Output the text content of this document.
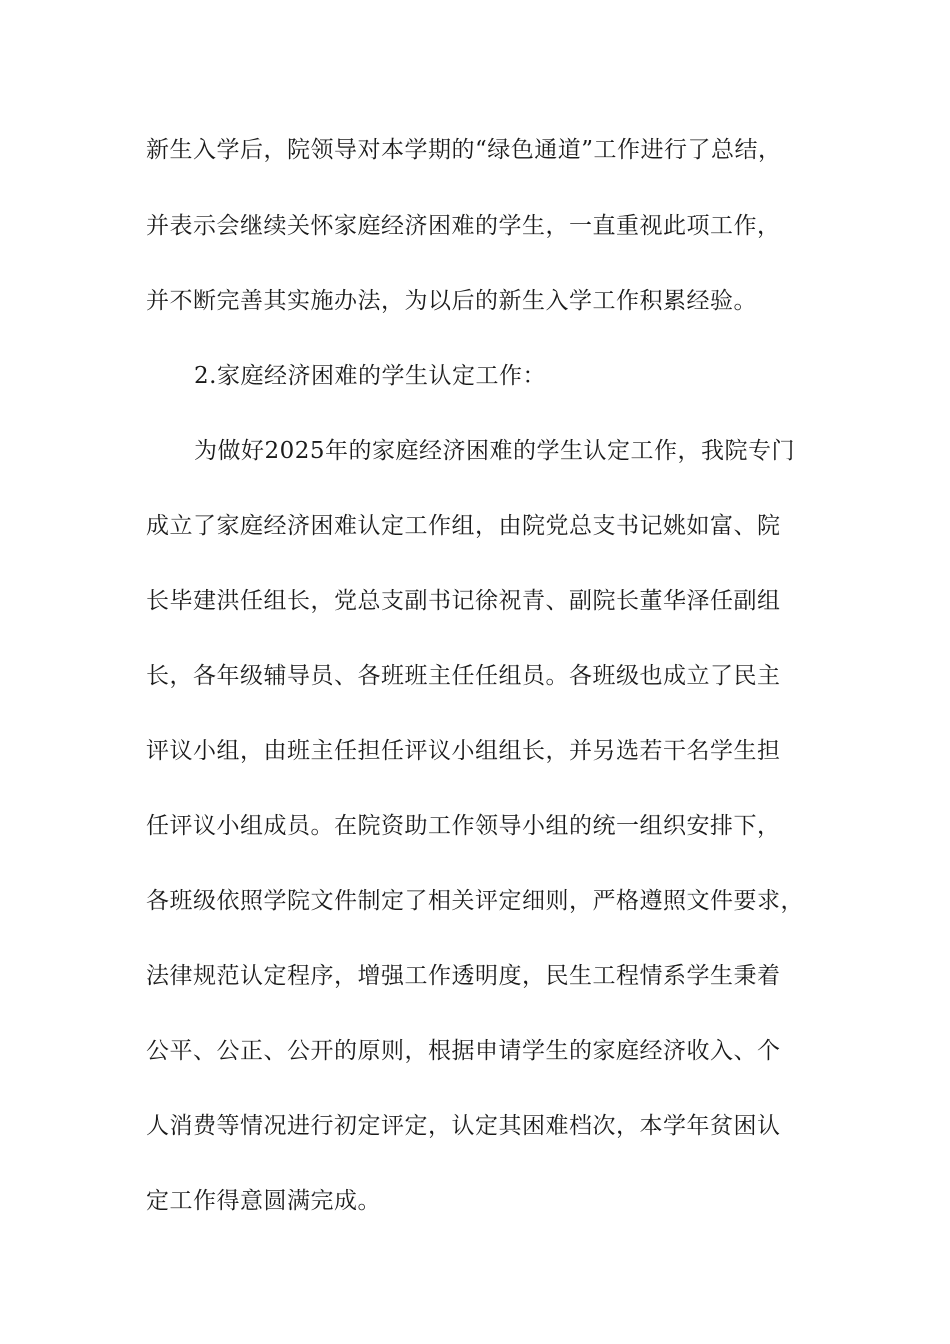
新生入学后，院领导对本学期的“绿色通道”工作进行了总结，
并表示会继续关怀家庭经济困难的学生，一直重视此项工作，
并不断完善其实施办法，为以后的新生入学工作积累经验。
2.家庭经济困难的学生认定工作：
为做好2025年的家庭经济困难的学生认定工作，我院专门
成立了家庭经济困难认定工作组，由院党总支书记姚如富、院
长毕建洪任组长，党总支副书记徐祝青、副院长董华泽任副组
长，各年级辅导员、各班班主任任组员。各班级也成立了民主
评议小组，由班主任担任评议小组组长，并另选若干名学生担
任评议小组成员。在院资助工作领导小组的统一组织安排下，
各班级依照学院文件制定了相关评定细则，严格遵照文件要求，
法律规范认定程序，增强工作透明度，民生工程情系学生秉着
公平、公正、公开的原则，根据申请学生的家庭经济收入、个
人消费等情况进行初定评定，认定其困难档次，本学年贫困认
定工作得意圆满完成。
